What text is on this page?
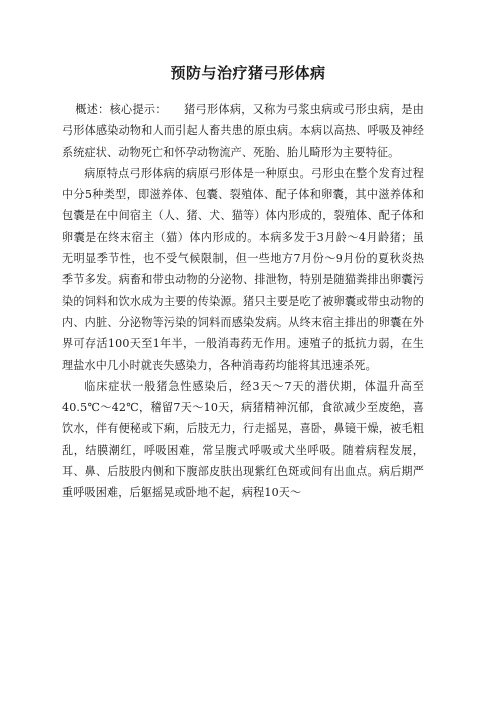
预防与治疗猪弓形体病

概述：核心提示：　　猪弓形体病，又称为弓浆虫病或弓形虫病，是由弓形体感染动物和人而引起人畜共患的原虫病。本病以高热、呼吸及神经系统症状、动物死亡和怀孕动物流产、死胎、胎儿畸形为主要特征。

病原特点弓形体病的病原弓形体是一种原虫。弓形虫在整个发育过程中分5种类型，即滋养体、包囊、裂殖体、配子体和卵囊，其中滋养体和包囊是在中间宿主（人、猪、犬、猫等）体内形成的，裂殖体、配子体和卵囊是在终末宿主（猫）体内形成的。本病多发于3月龄～4月龄猪；虽无明显季节性，也不受气候限制，但一些地方7月份～9月份的夏秋炎热季节多发。病畜和带虫动物的分泌物、排泄物，特别是随猫粪排出卵囊污染的饲料和饮水成为主要的传染源。猪只主要是吃了被卵囊或带虫动物的内、内脏、分泌物等污染的饲料而感染发病。从终末宿主排出的卵囊在外界可存活100天至1年半，一般消毒药无作用。速殖子的抵抗力弱，在生理盐水中几小时就丧失感染力，各种消毒药均能将其迅速杀死。

临床症状一般猪急性感染后，经3天～7天的潜伏期，体温升高至40.5℃～42℃，稽留7天～10天，病猪精神沉郁，食欲减少至废绝，喜饮水，伴有便秘或下痢，后肢无力，行走摇晃，喜卧，鼻镜干燥，被毛粗乱，结膜潮红，呼吸困难，常呈腹式呼吸或犬坐呼吸。随着病程发展，耳、鼻、后肢股内侧和下腹部皮肤出现紫红色斑或间有出血点。病后期严重呼吸困难，后躯摇晃或卧地不起，病程10天～
